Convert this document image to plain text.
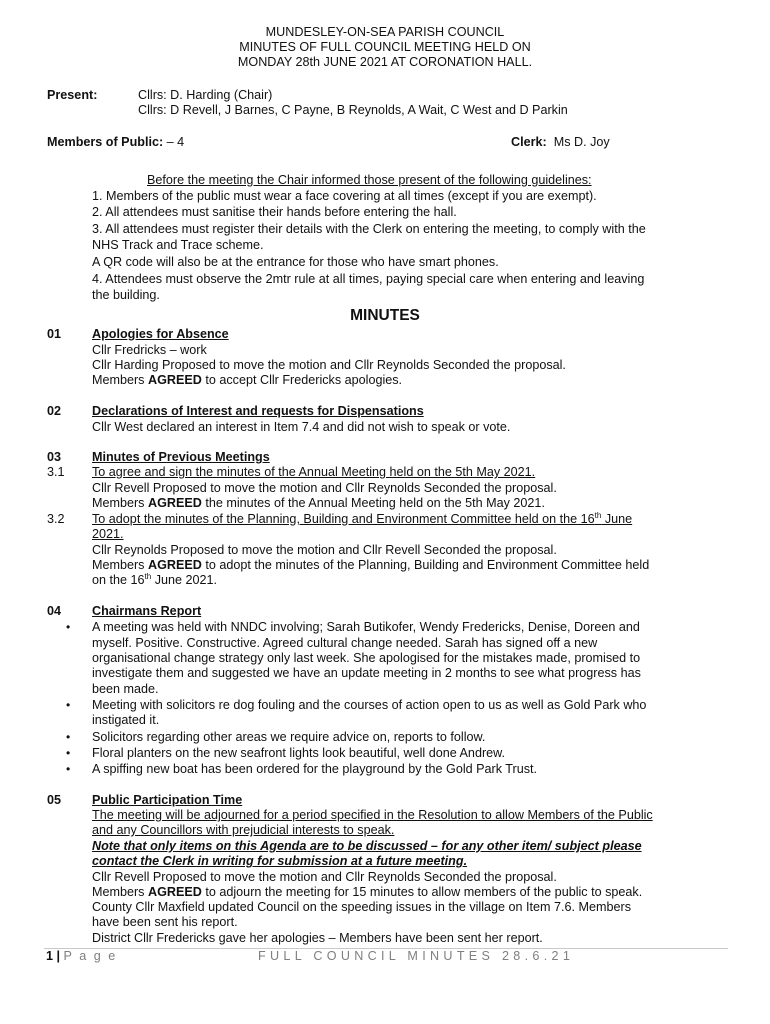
MUNDESLEY-ON-SEA PARISH COUNCIL
MINUTES OF FULL COUNCIL MEETING HELD ON
MONDAY 28th JUNE 2021 AT CORONATION HALL.
Present:	Cllrs: D. Harding (Chair)
Cllrs: D Revell, J Barnes, C Payne, B Reynolds, A Wait, C West and D Parkin
Members of Public: – 4	Clerk: Ms D. Joy
Before the meeting the Chair informed those present of the following guidelines:
1. Members of the public must wear a face covering at all times (except if you are exempt).
2. All attendees must sanitise their hands before entering the hall.
3. All attendees must register their details with the Clerk on entering the meeting, to comply with the
NHS Track and Trace scheme.
A QR code will also be at the entrance for those who have smart phones.
4. Attendees must observe the 2mtr rule at all times, paying special care when entering and leaving
the building.
MINUTES
01 Apologies for Absence
Cllr Fredricks – work
Cllr Harding Proposed to move the motion and Cllr Reynolds Seconded the proposal.
Members AGREED to accept Cllr Fredericks apologies.
02 Declarations of Interest and requests for Dispensations
Cllr West declared an interest in Item 7.4 and did not wish to speak or vote.
03 Minutes of Previous Meetings
3.1 To agree and sign the minutes of the Annual Meeting held on the 5th May 2021.
Cllr Revell Proposed to move the motion and Cllr Reynolds Seconded the proposal.
Members AGREED the minutes of the Annual Meeting held on the 5th May 2021.
3.2 To adopt the minutes of the Planning, Building and Environment Committee held on the 16th June
2021.
Cllr Reynolds Proposed to move the motion and Cllr Revell Seconded the proposal.
Members AGREED to adopt the minutes of the Planning, Building and Environment Committee held
on the 16th June 2021.
04 Chairmans Report
• A meeting was held with NNDC involving; Sarah Butikofer, Wendy Fredericks, Denise, Doreen and
myself. Positive. Constructive. Agreed cultural change needed. Sarah has signed off a new
organisational change strategy only last week. She apologised for the mistakes made, promised to
investigate them and suggested we have an update meeting in 2 months to see what progress has
been made.
• Meeting with solicitors re dog fouling and the courses of action open to us as well as Gold Park who
instigated it.
• Solicitors regarding other areas we require advice on, reports to follow.
• Floral planters on the new seafront lights look beautiful, well done Andrew.
• A spiffing new boat has been ordered for the playground by the Gold Park Trust.
05 Public Participation Time
The meeting will be adjourned for a period specified in the Resolution to allow Members of the Public
and any Councillors with prejudicial interests to speak.
Note that only items on this Agenda are to be discussed – for any other item/ subject please
contact the Clerk in writing for submission at a future meeting.
Cllr Revell Proposed to move the motion and Cllr Reynolds Seconded the proposal.
Members AGREED to adjourn the meeting for 15 minutes to allow members of the public to speak.
County Cllr Maxfield updated Council on the speeding issues in the village on Item 7.6. Members
have been sent his report.
District Cllr Fredericks gave her apologies – Members have been sent her report.
1 | P a g e	FULL COUNCIL MINUTES 28.6.21
